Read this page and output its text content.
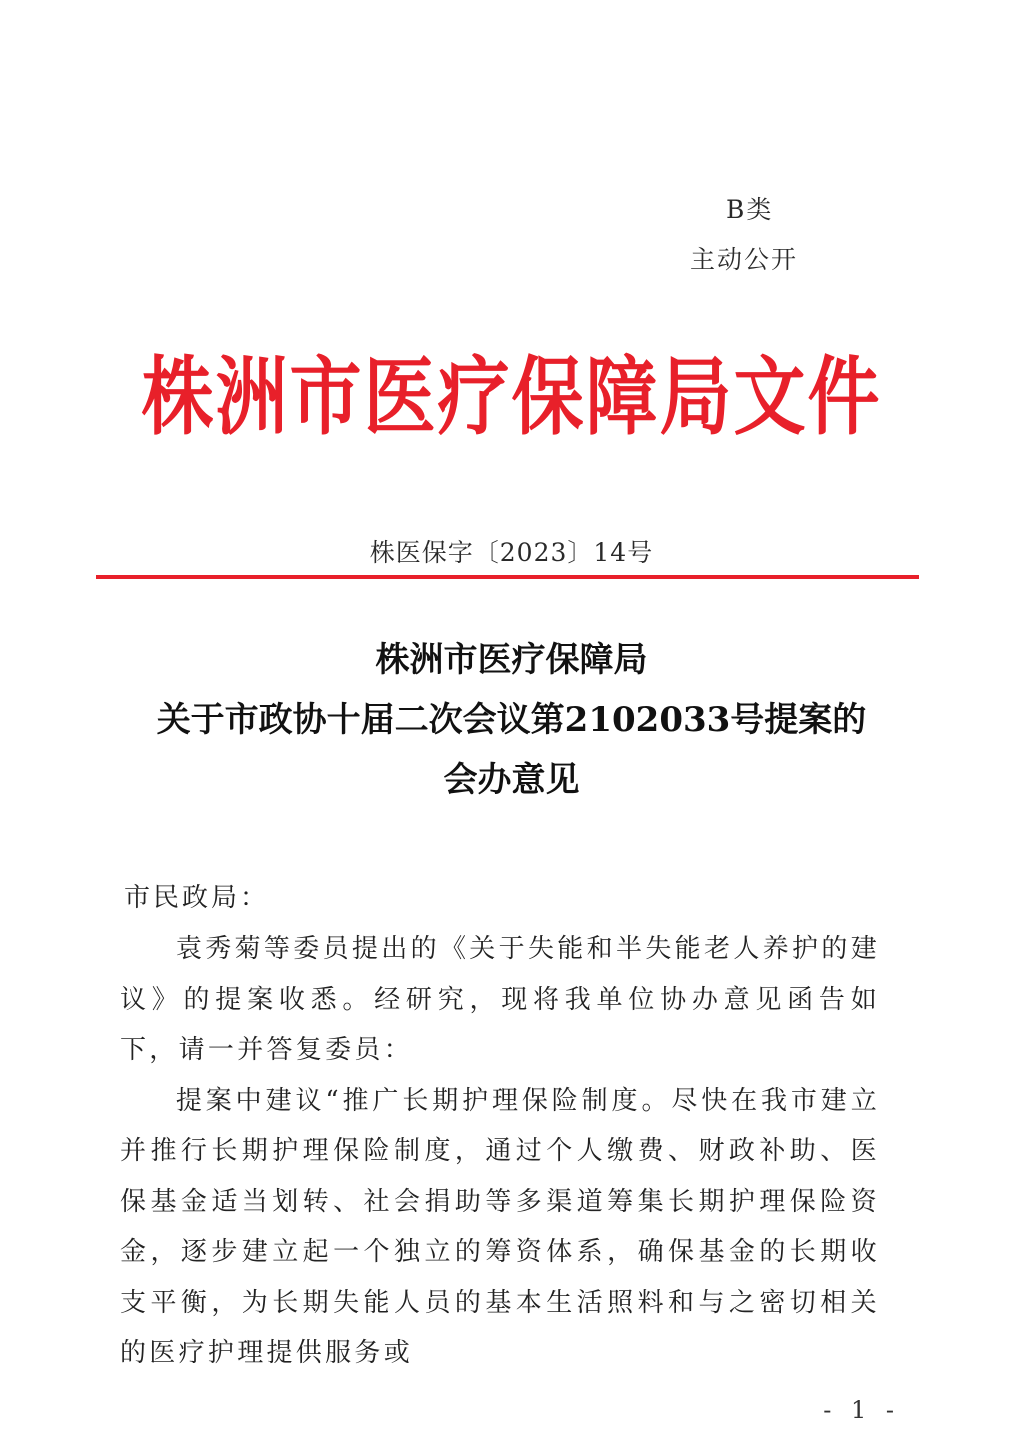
B类
主动公开
株洲市医疗保障局文件
株医保字〔2023〕14号
株洲市医疗保障局
关于市政协十届二次会议第2102033号提案的
会办意见
市民政局：

袁秀菊等委员提出的《关于失能和半失能老人养护的建议》的提案收悉。经研究，现将我单位协办意见函告如下，请一并答复委员：

提案中建议“推广长期护理保险制度。尽快在我市建立并推行长期护理保险制度，通过个人缴费、财政补助、医保基金适当划转、社会捐助等多渠道筹集长期护理保险资金，逐步建立起一个独立的筹资体系，确保基金的长期收支平衡，为长期失能人员的基本生活照料和与之密切相关的医疗护理提供服务或

- 1 -
